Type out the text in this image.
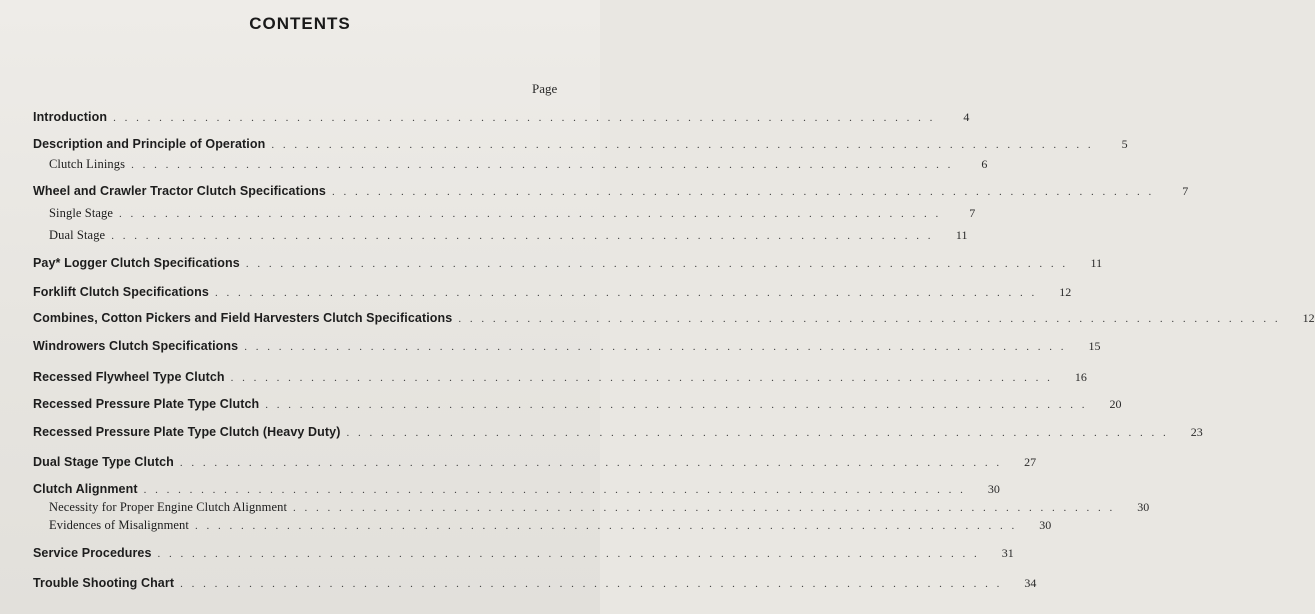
CONTENTS
Page
Introduction . . . . . . . . . . . . . . . . . . . . . . . . . . . . . . . . . . . . . . . . . . . . . . . . . . . . . . . . . . . . . . . . . . . . . . . .	4
Description and Principle of Operation . . . . . . . . . . . . . . . . . . . . . . . . . . . . . . . . . . . . . . . . . . . . . . . . . . . . . . . . . . . . . . . . . . . . . . . .	5
Clutch Linings . . . . . . . . . . . . . . . . . . . . . . . . . . . . . . . . . . . . . . . . . . . . . . . . . . . . . . . . . . . . . . . . . . . . . . . .	6
Wheel and Crawler Tractor Clutch Specifications . . . . . . . . . . . . . . . . . . . . . . . . . . . . . . . . . . . . . . . . . . . . . . . . . . . . . . . . . . . . . . . . . . . . . . . .	7
Single Stage . . . . . . . . . . . . . . . . . . . . . . . . . . . . . . . . . . . . . . . . . . . . . . . . . . . . . . . . . . . . . . . . . . . . . . . .	7
Dual Stage . . . . . . . . . . . . . . . . . . . . . . . . . . . . . . . . . . . . . . . . . . . . . . . . . . . . . . . . . . . . . . . . . . . . . . . .	11
Pay* Logger Clutch Specifications . . . . . . . . . . . . . . . . . . . . . . . . . . . . . . . . . . . . . . . . . . . . . . . . . . . . . . . . . . . . . . . . . . . . . . . .	11
Forklift Clutch Specifications . . . . . . . . . . . . . . . . . . . . . . . . . . . . . . . . . . . . . . . . . . . . . . . . . . . . . . . . . . . . . . . . . . . . . . . .	12
Combines, Cotton Pickers and Field Harvesters Clutch Specifications . . . . . . . . . . . . . . . . . . . . . . . . . . . . . . . . . . . . . . . . . . . . . . . . . . . . . . . . . . . . . . . . . . . . . . . .	12
Windrowers Clutch Specifications . . . . . . . . . . . . . . . . . . . . . . . . . . . . . . . . . . . . . . . . . . . . . . . . . . . . . . . . . . . . . . . . . . . . . . . .	15
Recessed Flywheel Type Clutch . . . . . . . . . . . . . . . . . . . . . . . . . . . . . . . . . . . . . . . . . . . . . . . . . . . . . . . . . . . . . . . . . . . . . . . .	16
Recessed Pressure Plate Type Clutch . . . . . . . . . . . . . . . . . . . . . . . . . . . . . . . . . . . . . . . . . . . . . . . . . . . . . . . . . . . . . . . . . . . . . . . .	20
Recessed Pressure Plate Type Clutch (Heavy Duty) . . . . . . . . . . . . . . . . . . . . . . . . . . . . . . . . . . . . . . . . . . . . . . . . . . . . . . . . . . . . . . . . . . . . . . . .	23
Dual Stage Type Clutch . . . . . . . . . . . . . . . . . . . . . . . . . . . . . . . . . . . . . . . . . . . . . . . . . . . . . . . . . . . . . . . . . . . . . . . .	27
Clutch Alignment . . . . . . . . . . . . . . . . . . . . . . . . . . . . . . . . . . . . . . . . . . . . . . . . . . . . . . . . . . . . . . . . . . . . . . . .	30
Necessity for Proper Engine Clutch Alignment . . . . . . . . . . . . . . . . . . . . . . . . . . . . . . . . . . . . . . . . . . . . . . . . . . . . . . . . . . . . . . . . . . . . . . . .	30
Evidences of Misalignment . . . . . . . . . . . . . . . . . . . . . . . . . . . . . . . . . . . . . . . . . . . . . . . . . . . . . . . . . . . . . . . . . . . . . . . .	30
Service Procedures . . . . . . . . . . . . . . . . . . . . . . . . . . . . . . . . . . . . . . . . . . . . . . . . . . . . . . . . . . . . . . . . . . . . . . . .	31
Trouble Shooting Chart . . . . . . . . . . . . . . . . . . . . . . . . . . . . . . . . . . . . . . . . . . . . . . . . . . . . . . . . . . . . . . . . . . . . . . . .	34
